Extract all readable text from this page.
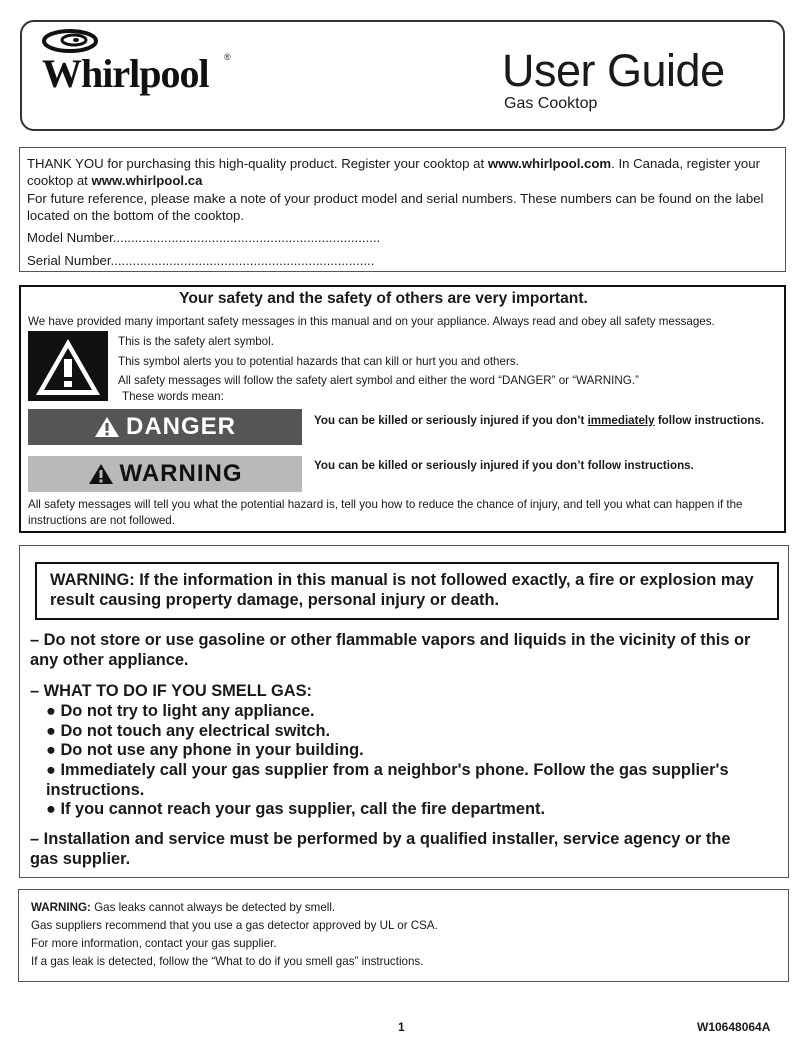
Whirlpool ®	User Guide
Gas Cooktop

THANK YOU for purchasing this high-quality product. Register your cooktop at www.whirlpool.com. In Canada, register your cooktop at www.whirlpool.ca

For future reference, please make a note of your product model and serial numbers. These numbers can be found on the label located on the bottom of the cooktop.

Model Number.........................................................................

Serial Number........................................................................

Your safety and the safety of others are very important.
We have provided many important safety messages in this manual and on your appliance. Always read and obey all safety messages.
This is the safety alert symbol.
This symbol alerts you to potential hazards that can kill or hurt you and others.
All safety messages will follow the safety alert symbol and either the word “DANGER” or “WARNING.”
These words mean:
DANGER	You can be killed or seriously injured if you don’t immediately follow instructions.
WARNING	You can be killed or seriously injured if you don’t follow instructions.
All safety messages will tell you what the potential hazard is, tell you how to reduce the chance of injury, and tell you what can happen if the instructions are not followed.
WARNING: If the information in this manual is not followed exactly, a fire or explosion may result causing property damage, personal injury or death.
– Do not store or use gasoline or other flammable vapors and liquids in the vicinity of this or any other appliance.
– WHAT TO DO IF YOU SMELL GAS:
● Do not try to light any appliance.
● Do not touch any electrical switch.
● Do not use any phone in your building.
● Immediately call your gas supplier from a neighbor's phone. Follow the gas supplier's instructions.
● If you cannot reach your gas supplier, call the fire department.
– Installation and service must be performed by a qualified installer, service agency or the gas supplier.
WARNING: Gas leaks cannot always be detected by smell.
Gas suppliers recommend that you use a gas detector approved by UL or CSA.
For more information, contact your gas supplier.
If a gas leak is detected, follow the “What to do if you smell gas” instructions.
1	W10648064A
